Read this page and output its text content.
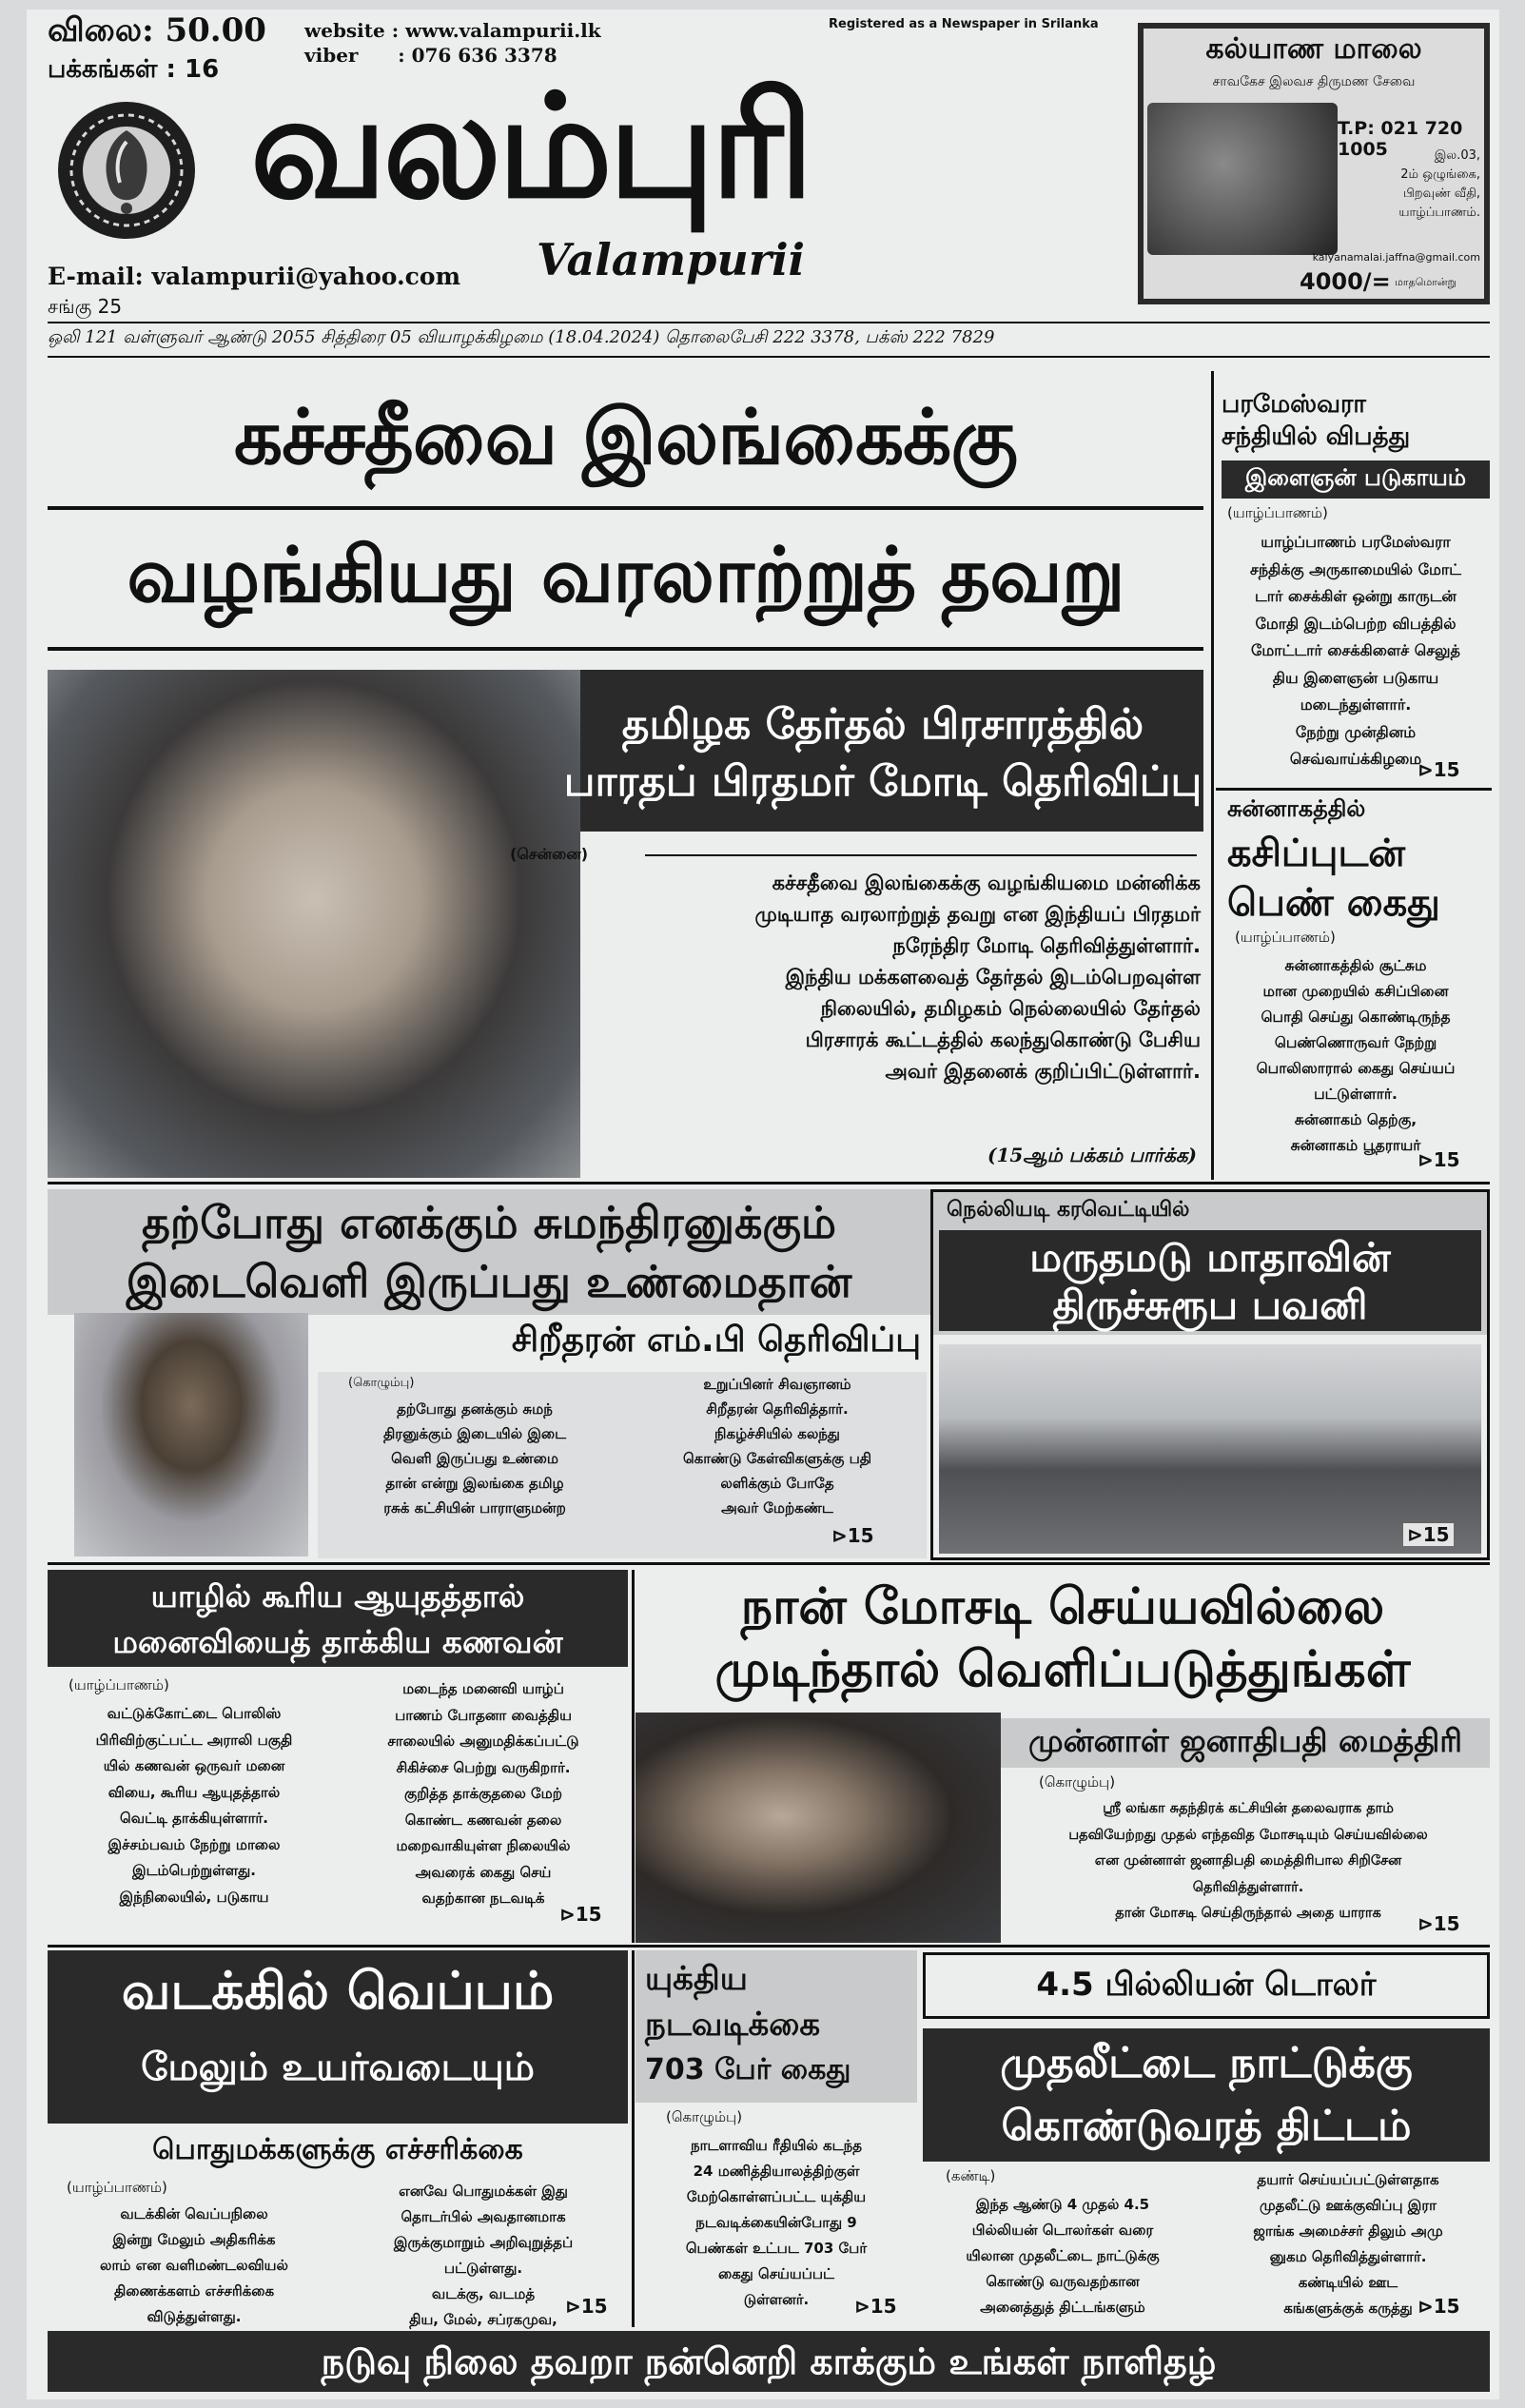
விலை: 50.00
பக்கங்கள் : 16
website : www.valampurii.lk
viber      : 076 636 3378
Registered as a Newspaper in Srilanka
வலம்புரி
Valampurii
E-mail: valampurii@yahoo.com
சங்கு 25
கல்யாண மாலை
சாவகேச இலவச திருமண சேவை
T.P: 021 720 1005	இல.03,
2ம் ஒழுங்கை,
பிறவுண் வீதி,
யாழ்ப்பாணம்.
kalyanamalai.jaffna@gmail.com
4000/= மாதமொன்று
ஒலி 121 வள்ளுவர் ஆண்டு 2055 சித்திரை 05 வியாழக்கிழமை (18.04.2024) தொலைபேசி 222 3378, பக்ஸ் 222 7829
கச்சதீவை இலங்கைக்கு
வழங்கியது வரலாற்றுத் தவறு
தமிழக தேர்தல் பிரசாரத்தில்
பாரதப் பிரதமர் மோடி தெரிவிப்பு
(சென்னை)
கச்சதீவை இலங்கைக்கு வழங்கியமை மன்னிக்க
முடியாத வரலாற்றுத் தவறு என இந்தியப் பிரதமர்
நரேந்திர மோடி தெரிவித்துள்ளார்.
இந்திய மக்களவைத் தேர்தல் இடம்பெறவுள்ள
நிலையில், தமிழகம் நெல்லையில் தேர்தல்
பிரசாரக் கூட்டத்தில் கலந்துகொண்டு பேசிய
அவர் இதனைக் குறிப்பிட்டுள்ளார்.
(15ஆம் பக்கம் பார்க்க)
பரமேஸ்வரா
சந்தியில் விபத்து
இளைஞன் படுகாயம்
(யாழ்ப்பாணம்)
யாழ்ப்பாணம் பரமேஸ்வரா
சந்திக்கு அருகாமையில் மோட்
டார் சைக்கிள் ஒன்று காருடன்
மோதி இடம்பெற்ற விபத்தில்
மோட்டார் சைக்கிளைச் செலுத்
திய இளைஞன் படுகாய
மடைந்துள்ளார்.
நேற்று முன்தினம்
செவ்வாய்க்கிழமை
⊳15
சுன்னாகத்தில்
கசிப்புடன்
பெண் கைது
(யாழ்ப்பாணம்)
சுன்னாகத்தில் சூட்சும
மான முறையில் கசிப்பினை
பொதி செய்து கொண்டிருந்த
பெண்ணொருவர் நேற்று
பொலிஸாரால் கைது செய்யப்
பட்டுள்ளார்.
சுன்னாகம் தெற்கு,
சுன்னாகம் பூதராயர்
⊳15
தற்போது எனக்கும் சுமந்திரனுக்கும்
இடைவெளி இருப்பது உண்மைதான்
சிறீதரன் எம்.பி தெரிவிப்பு
(கொழும்பு)
தற்போது தனக்கும் சுமந்
திரனுக்கும் இடையில் இடை
வெளி இருப்பது உண்மை
தான் என்று இலங்கை தமிழ
ரசுக் கட்சியின் பாராளுமன்ற
உறுப்பினர் சிவஞானம்
சிறீதரன் தெரிவித்தார்.
நிகழ்ச்சியில் கலந்து
கொண்டு கேள்விகளுக்கு பதி
லளிக்கும் போதே
அவர் மேற்கண்ட
⊳15
நெல்லியடி கரவெட்டியில்
மருதமடு மாதாவின்
திருச்சுரூப பவனி
⊳15
யாழில் கூரிய ஆயுதத்தால்
மனைவியைத் தாக்கிய கணவன்
(யாழ்ப்பாணம்)
வட்டுக்கோட்டை பொலிஸ்
பிரிவிற்குட்பட்ட அராலி பகுதி
யில் கணவன் ஒருவர் மனை
வியை, கூரிய ஆயுதத்தால்
வெட்டி தாக்கியுள்ளார்.
இச்சம்பவம் நேற்று மாலை
இடம்பெற்றுள்ளது.
இந்நிலையில், படுகாய
மடைந்த மனைவி யாழ்ப்
பாணம் போதனா வைத்திய
சாலையில் அனுமதிக்கப்பட்டு
சிகிச்சை பெற்று வருகிறார்.
குறித்த தாக்குதலை மேற்
கொண்ட கணவன் தலை
மறைவாகியுள்ள நிலையில்
அவரைக் கைது செய்
வதற்கான நடவடிக்
⊳15
நான் மோசடி செய்யவில்லை
முடிந்தால் வெளிப்படுத்துங்கள்
முன்னாள் ஜனாதிபதி மைத்திரி
(கொழும்பு)
ஸ்ரீ லங்கா சுதந்திரக் கட்சியின் தலைவராக தாம்
பதவியேற்றது முதல் எந்தவித மோசடியும் செய்யவில்லை
என முன்னாள் ஜனாதிபதி மைத்திரிபால சிறிசேன
தெரிவித்துள்ளார்.
தான் மோசடி செய்திருந்தால் அதை யாராக	⊳15
வடக்கில் வெப்பம்
மேலும் உயர்வடையும்
பொதுமக்களுக்கு எச்சரிக்கை
(யாழ்ப்பாணம்)
வடக்கின் வெப்பநிலை
இன்று மேலும் அதிகரிக்க
லாம் என வளிமண்டலவியல்
திணைக்களம் எச்சரிக்கை
விடுத்துள்ளது.
எனவே பொதுமக்கள் இது
தொடர்பில் அவதானமாக
இருக்குமாறும் அறிவுறுத்தப்
பட்டுள்ளது.
வடக்கு, வடமத்
திய, மேல், சப்ரகமுவ,
⊳15
யுக்திய
நடவடிக்கை
703 பேர் கைது
(கொழும்பு)
நாடளாவிய ரீதியில் கடந்த
24 மணித்தியாலத்திற்குள்
மேற்கொள்ளப்பட்ட யுக்திய
நடவடிக்கையின்போது 9
பெண்கள் உட்பட 703 பேர்
கைது செய்யப்பட்
டுள்ளனர்.	⊳15
4.5 பில்லியன் டொலர்
முதலீட்டை நாட்டுக்கு
கொண்டுவரத் திட்டம்
(கண்டி)
இந்த ஆண்டு 4 முதல் 4.5
பில்லியன் டொலர்கள் வரை
யிலான முதலீட்டை நாட்டுக்கு
கொண்டு வருவதற்கான
அனைத்துத் திட்டங்களும்
தயார் செய்யப்பட்டுள்ளதாக
முதலீட்டு ஊக்குவிப்பு இரா
ஜாங்க அமைச்சர் திலும் அமு
னுகம தெரிவித்துள்ளார்.
கண்டியில் ஊட
கங்களுக்குக் கருத்து ⊳15
நடுவு நிலை தவறா நன்னெறி காக்கும் உங்கள் நாளிதழ்
